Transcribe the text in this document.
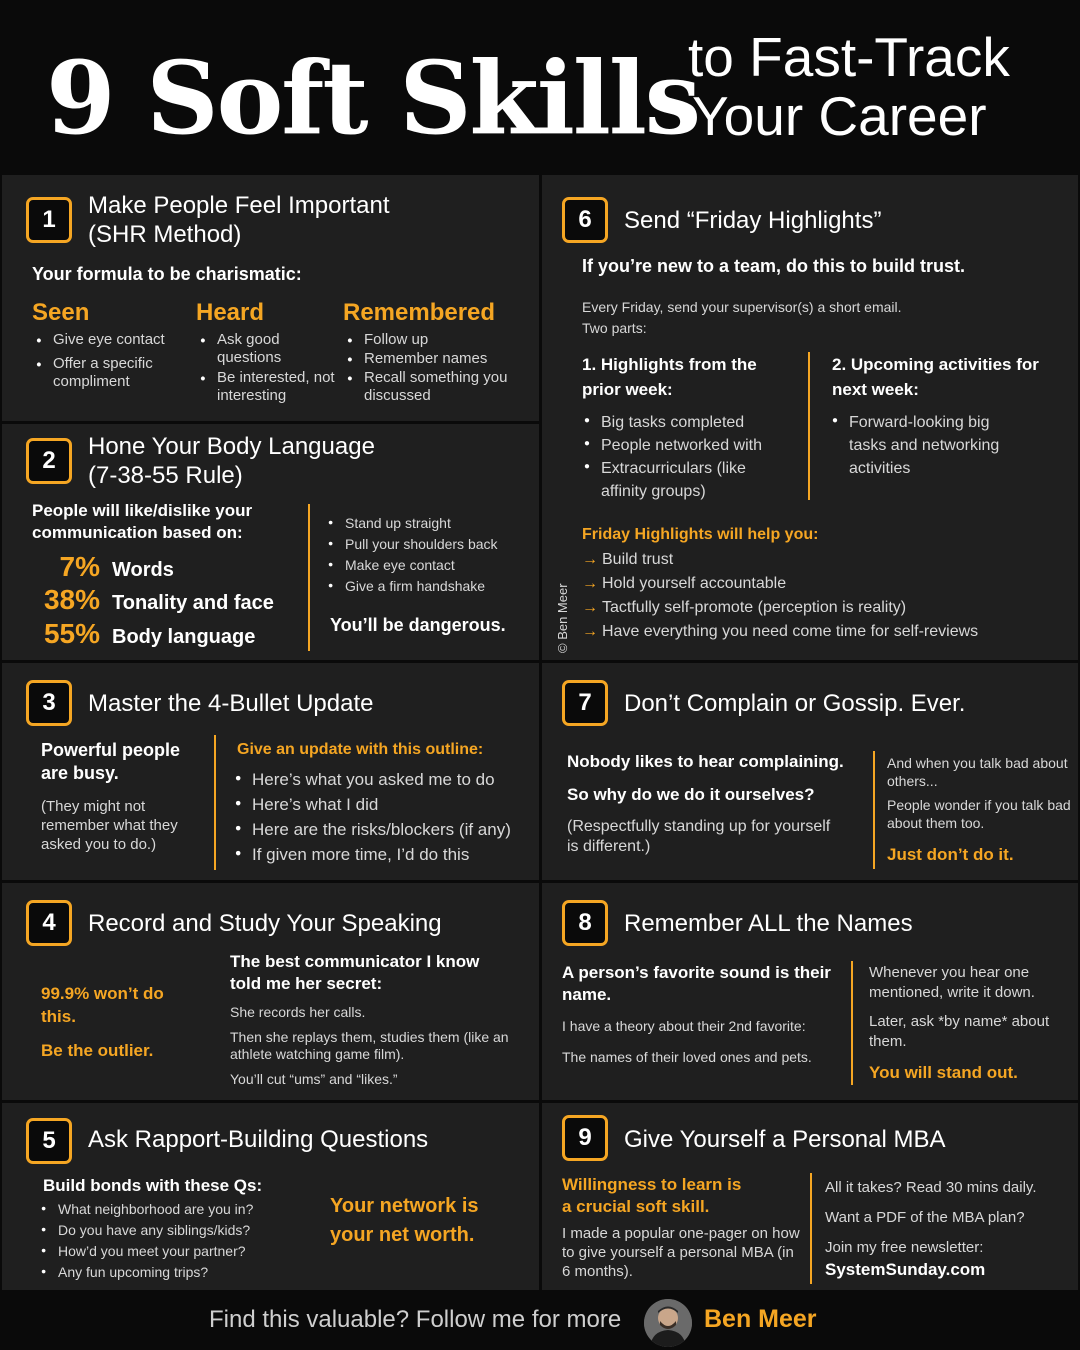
9 Soft Skills
to Fast-Track
Your Career
1
Make People Feel Important
(SHR Method)
Your formula to be charismatic:
Seen
● Give eye contact
● Offer a specific compliment
Heard
● Ask good questions
● Be interested, not interesting
Remembered
● Follow up
● Remember names
● Recall something you discussed
2
Hone Your Body Language
(7-38-55 Rule)
People will like/dislike your communication based on:
7% Words
38% Tonality and face
55% Body language
● Stand up straight
● Pull your shoulders back
● Make eye contact
● Give a firm handshake
You’ll be dangerous.
6	Send “Friday Highlights”
If you’re new to a team, do this to build trust.
Every Friday, send your supervisor(s) a short email.
Two parts:
1. Highlights from the prior week:
● Big tasks completed
● People networked with
● Extracurriculars (like affinity groups)
2. Upcoming activities for next week:
● Forward-looking big tasks and networking activities
Friday Highlights will help you:
→ Build trust
→ Hold yourself accountable
→ Tactfully self-promote (perception is reality)
→ Have everything you need come time for self-reviews
© Ben Meer
3	Master the 4-Bullet Update
Powerful people are busy.
(They might not remember what they asked you to do.)
Give an update with this outline:
● Here’s what you asked me to do
● Here’s what I did
● Here are the risks/blockers (if any)
● If given more time, I’d do this
7	Don’t Complain or Gossip. Ever.
Nobody likes to hear complaining.
So why do we do it ourselves?
(Respectfully standing up for yourself is different.)
And when you talk bad about others...
People wonder if you talk bad about them too.
Just don’t do it.
4	Record and Study Your Speaking
99.9% won’t do this.
Be the outlier.
The best communicator I know told me her secret:
She records her calls.
Then she replays them, studies them (like an athlete watching game film).
You’ll cut “ums” and “likes.”
8	Remember ALL the Names
A person’s favorite sound is their name.
I have a theory about their 2nd favorite:
The names of their loved ones and pets.
Whenever you hear one mentioned, write it down.
Later, ask *by name* about them.
You will stand out.
5	Ask Rapport-Building Questions
Build bonds with these Qs:
● What neighborhood are you in?
● Do you have any siblings/kids?
● How’d you meet your partner?
● Any fun upcoming trips?
Your network is your net worth.
9	Give Yourself a Personal MBA
Willingness to learn is a crucial soft skill.
I made a popular one-pager on how to give yourself a personal MBA (in 6 months).
All it takes? Read 30 mins daily.
Want a PDF of the MBA plan?
Join my free newsletter:
SystemSunday.com
Find this valuable? Follow me for more	Ben Meer
